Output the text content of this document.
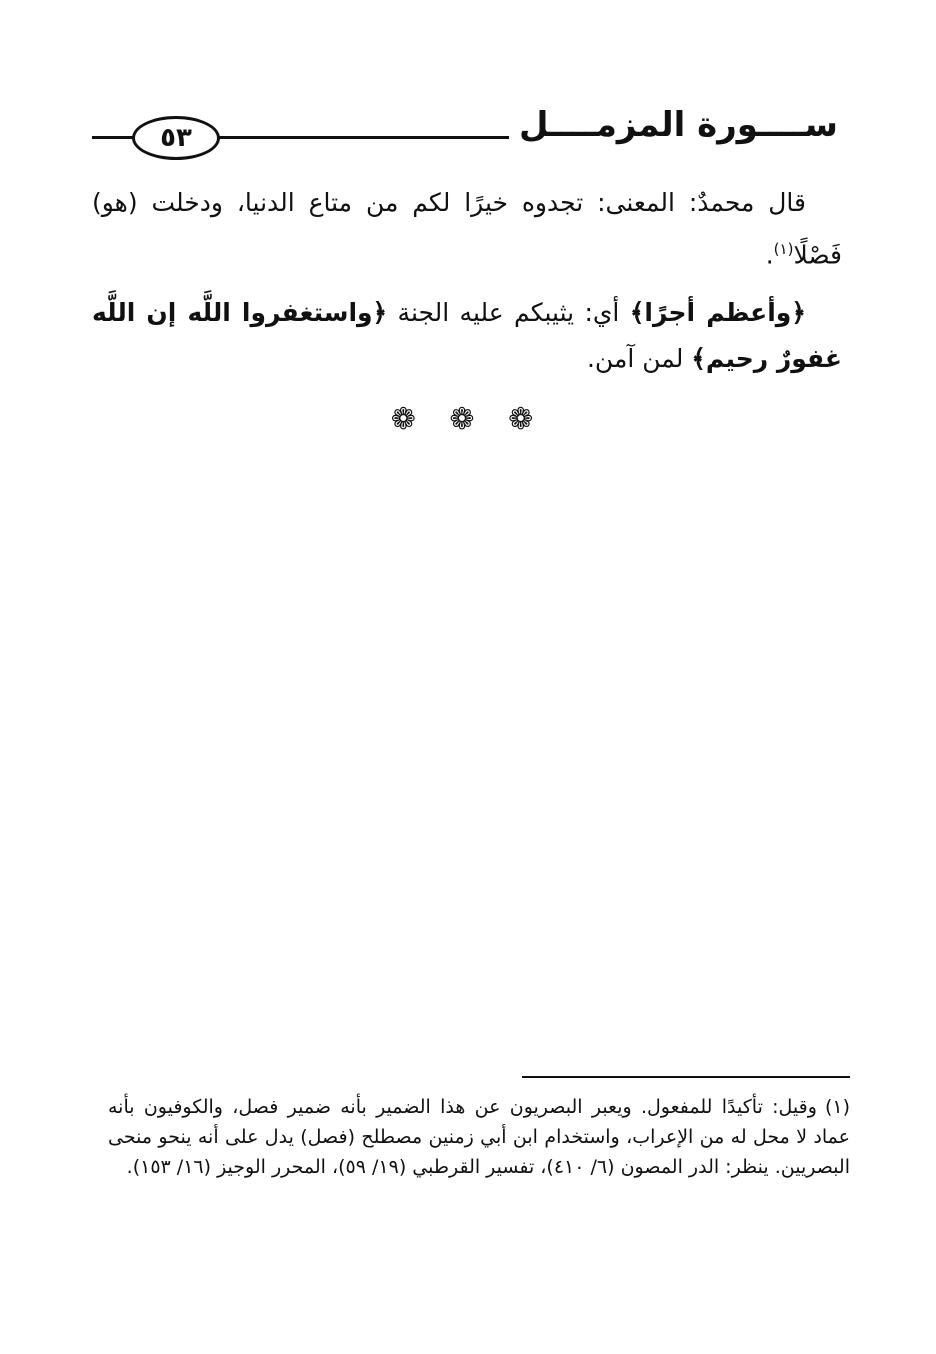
ســــورة المزمــــل
٥٣

قال محمدٌ: المعنى: تجدوه خيرًا لكم من متاع الدنيا، ودخلت (هو) فَصْلًا$^{(١)}$.

﴿وأعظم أجرًا﴾ أي: يثيبكم عليه الجنة ﴿واستغفروا اللَّه إن اللَّه غفورٌ رحيم﴾ لمن آمن.

❁ ❁ ❁
(١)وقيل: تأكيدًا للمفعول. ويعبر البصريون عن هذا الضمير بأنه ضمير فصل، والكوفيون بأنه عماد لا محل له من الإعراب، واستخدام ابن أبي زمنين مصطلح (فصل) يدل على أنه ينحو منحى البصريين. ينظر: الدر المصون (٦/ ٤١٠)، تفسير القرطبي (١٩/ ٥٩)، المحرر الوجيز (١٦/ ١٥٣).
